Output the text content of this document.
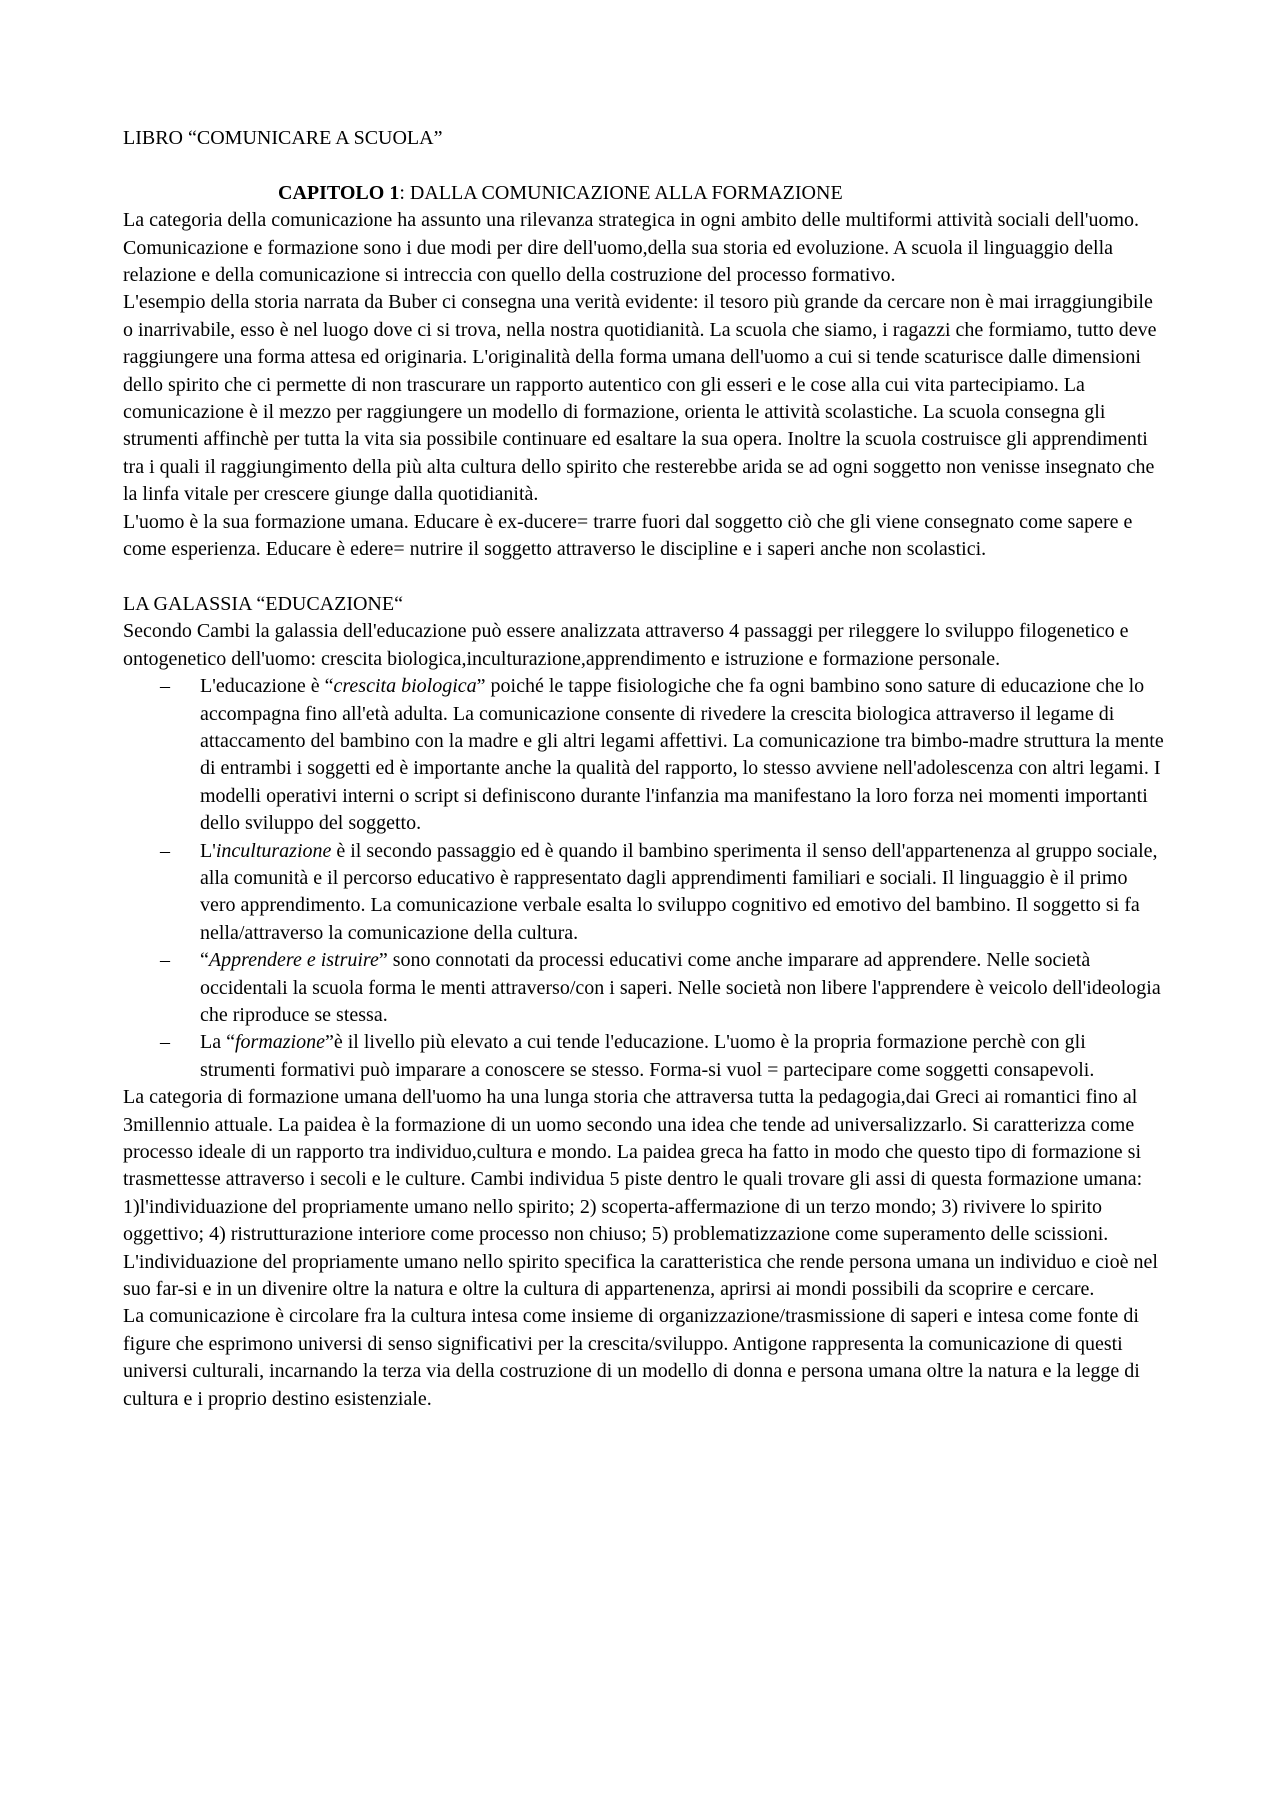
LIBRO “COMUNICARE A SCUOLA”

CAPITOLO 1: DALLA COMUNICAZIONE ALLA FORMAZIONE

La categoria della comunicazione ha assunto una rilevanza strategica in ogni ambito delle multiformi attività sociali dell'uomo. Comunicazione e formazione sono i due modi per dire dell'uomo,della sua storia ed evoluzione. A scuola il linguaggio della relazione e della comunicazione si intreccia con quello della costruzione del processo formativo.

L'esempio della storia narrata da Buber ci consegna una verità evidente: il tesoro più grande da cercare non è mai irraggiungibile o inarrivabile, esso è nel luogo dove ci si trova, nella nostra quotidianità. La scuola che siamo, i ragazzi che formiamo, tutto deve raggiungere una forma attesa ed originaria. L'originalità della forma umana dell'uomo a cui si tende scaturisce dalle dimensioni dello spirito che ci permette di non trascurare un rapporto autentico con gli esseri e le cose alla cui vita partecipiamo. La comunicazione è il mezzo per raggiungere un modello di formazione, orienta le attività scolastiche. La scuola consegna gli strumenti affinchè per tutta la vita sia possibile continuare ed esaltare la sua opera. Inoltre la scuola costruisce gli apprendimenti tra i quali il raggiungimento della più alta cultura dello spirito che resterebbe arida se ad ogni soggetto non venisse insegnato che la linfa vitale per crescere giunge dalla quotidianità.

L'uomo è la sua formazione umana. Educare è ex-ducere= trarre fuori dal soggetto ciò che gli viene consegnato come sapere e come esperienza. Educare è edere= nutrire il soggetto attraverso le discipline e i saperi anche non scolastici.

LA GALASSIA “EDUCAZIONE“

Secondo Cambi la galassia dell'educazione può essere analizzata attraverso 4 passaggi per rileggere lo sviluppo filogenetico e ontogenetico dell'uomo: crescita biologica,inculturazione,apprendimento e istruzione e formazione personale.

– L'educazione è “crescita biologica” poiché le tappe fisiologiche che fa ogni bambino sono sature di educazione che lo accompagna fino all'età adulta. La comunicazione consente di rivedere la crescita biologica attraverso il legame di attaccamento del bambino con la madre e gli altri legami affettivi. La comunicazione tra bimbo-madre struttura la mente di entrambi i soggetti ed è importante anche la qualità del rapporto, lo stesso avviene nell'adolescenza con altri legami. I modelli operativi interni o script si definiscono durante l'infanzia ma manifestano la loro forza nei momenti importanti dello sviluppo del soggetto.
– L'inculturazione è il secondo passaggio ed è quando il bambino sperimenta il senso dell'appartenenza al gruppo sociale, alla comunità e il percorso educativo è rappresentato dagli apprendimenti familiari e sociali. Il linguaggio è il primo vero apprendimento. La comunicazione verbale esalta lo sviluppo cognitivo ed emotivo del bambino. Il soggetto si fa nella/attraverso la comunicazione della cultura.
– “Apprendere e istruire” sono connotati da processi educativi come anche imparare ad apprendere. Nelle società occidentali la scuola forma le menti attraverso/con i saperi. Nelle società non libere l'apprendere è veicolo dell'ideologia che riproduce se stessa.
– La “formazione”è il livello più elevato a cui tende l'educazione. L'uomo è la propria formazione perchè con gli strumenti formativi può imparare a conoscere se stesso. Forma-si vuol = partecipare come soggetti consapevoli.

La categoria di formazione umana dell'uomo ha una lunga storia che attraversa tutta la pedagogia,dai Greci ai romantici fino al 3millennio attuale. La paidea è la formazione di un uomo secondo una idea che tende ad universalizzarlo. Si caratterizza come processo ideale di un rapporto tra individuo,cultura e mondo. La paidea greca ha fatto in modo che questo tipo di formazione si trasmettesse attraverso i secoli e le culture. Cambi individua 5 piste dentro le quali trovare gli assi di questa formazione umana: 1)l'individuazione del propriamente umano nello spirito; 2) scoperta-affermazione di un terzo mondo; 3) rivivere lo spirito oggettivo; 4) ristrutturazione interiore come processo non chiuso; 5) problematizzazione come superamento delle scissioni.

L'individuazione del propriamente umano nello spirito specifica la caratteristica che rende persona umana un individuo e cioè nel suo far-si e in un divenire oltre la natura e oltre la cultura di appartenenza, aprirsi ai mondi possibili da scoprire e cercare.

La comunicazione è circolare fra la cultura intesa come insieme di organizzazione/trasmissione di saperi e intesa come fonte di figure che esprimono universi di senso significativi per la crescita/sviluppo. Antigone rappresenta la comunicazione di questi universi culturali, incarnando la terza via della costruzione di un modello di donna e persona umana oltre la natura e la legge di cultura e i proprio destino esistenziale.
